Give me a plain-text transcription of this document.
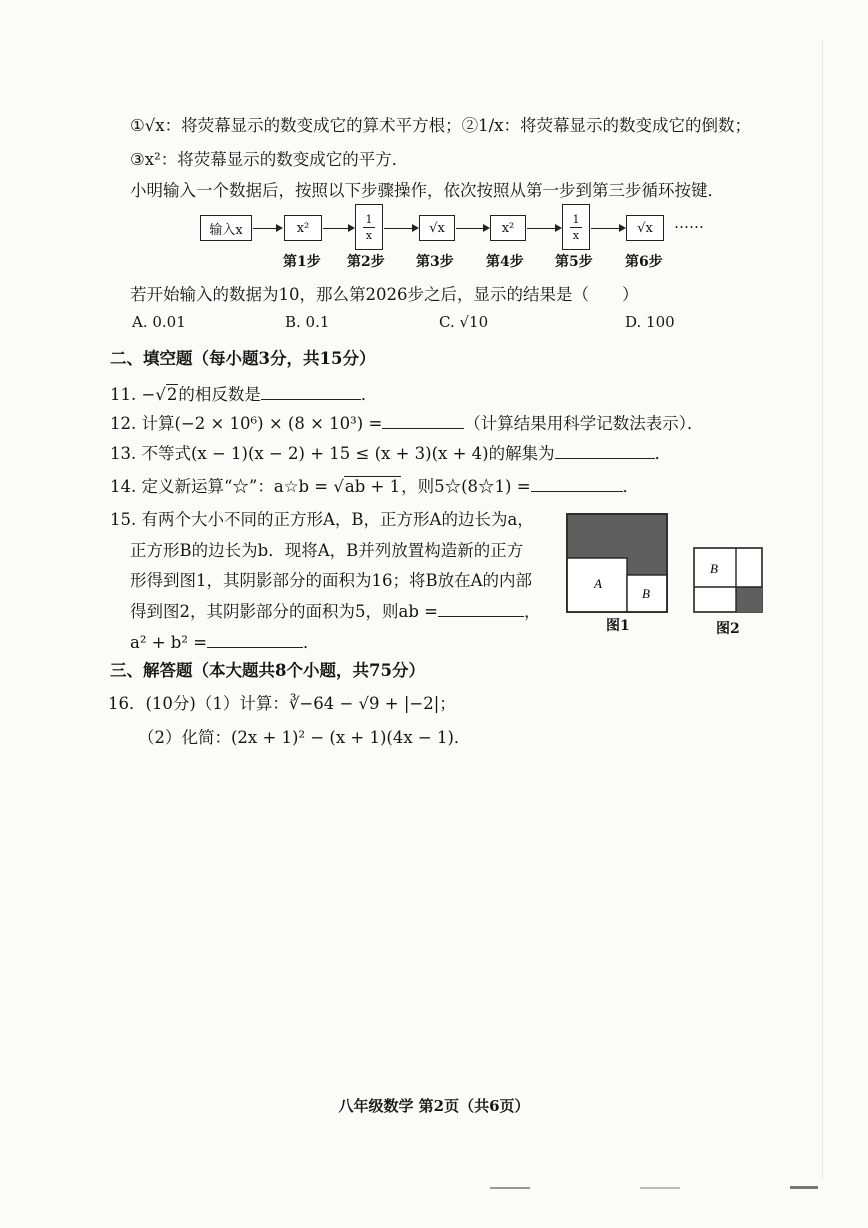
①√x：将荧幕显示的数变成它的算术平方根；②1/x：将荧幕显示的数变成它的倒数；
③x²：将荧幕显示的数变成它的平方．
小明输入一个数据后，按照以下步骤操作，依次按照从第一步到第三步循环按键．
输入x	x²
1
x	√x	x²
1
x	√x	……
第1步 第2步 第3步 第4步 第5步 第6步
若开始输入的数据为10，那么第2026步之后，显示的结果是（　　）
A. 0.01	B. 0.1	C. √10	D. 100
二、填空题（每小题3分，共15分）
11. −√2的相反数是	．
12. 计算(−2 × 10⁶) × (8 × 10³) =	（计算结果用科学记数法表示）．
13. 不等式(x − 1)(x − 2) + 15 ≤ (x + 3)(x + 4)的解集为	．
14. 定义新运算“☆”：a☆b = √ab + 1，则5☆(8☆1) =	．
15. 有两个大小不同的正方形A，B，正方形A的边长为a，
正方形B的边长为b．现将A，B并列放置构造新的正方
形得到图1，其阴影部分的面积为16；将B放在A的内部
得到图2，其阴影部分的面积为5，则ab =	，
a² + b² =	．
A
B
图1
B
图2
三、解答题（本大题共8个小题，共75分）
16．(10分)（1）计算：∛−64 − √9 + |−2|；
（2）化简：(2x + 1)² − (x + 1)(4x − 1)．
八年级数学 第2页（共6页）
